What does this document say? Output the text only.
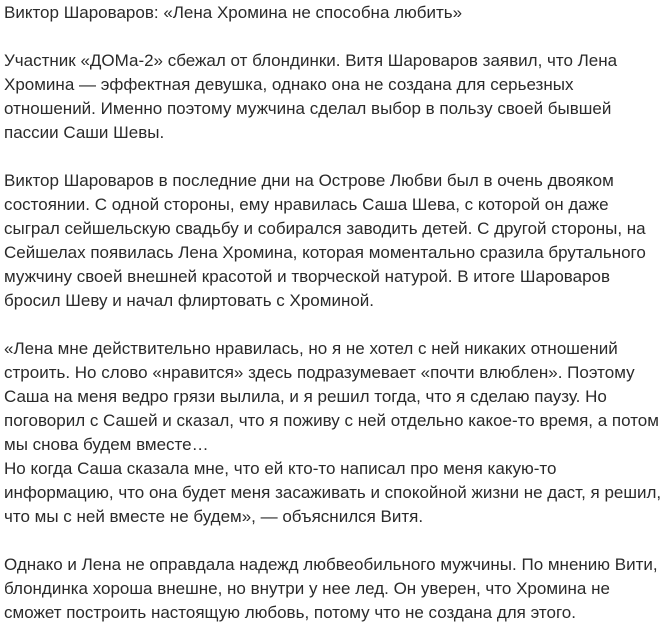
Виктор Шароваров: «Лена Хромина не способна любить»

Участник «ДОМа-2» сбежал от блондинки. Витя Шароваров заявил, что Лена
Хромина — эффектная девушка, однако она не создана для серьезных
отношений. Именно поэтому мужчина сделал выбор в пользу своей бывшей
пассии Саши Шевы.

Виктор Шароваров в последние дни на Острове Любви был в очень двояком
состоянии. С одной стороны, ему нравилась Саша Шева, с которой он даже
сыграл сейшельскую свадьбу и собирался заводить детей. С другой стороны, на
Сейшелах появилась Лена Хромина, которая моментально сразила брутального
мужчину своей внешней красотой и творческой натурой. В итоге Шароваров
бросил Шеву и начал флиртовать с Хроминой.

«Лена мне действительно нравилась, но я не хотел с ней никаких отношений
строить. Но слово «нравится» здесь подразумевает «почти влюблен». Поэтому
Саша на меня ведро грязи вылила, и я решил тогда, что я сделаю паузу. Но
поговорил с Сашей и сказал, что я поживу с ней отдельно какое-то время, а потом
мы снова будем вместе…

Но когда Саша сказала мне, что ей кто-то написал про меня какую-то
информацию, что она будет меня засаживать и спокойной жизни не даст, я решил,
что мы с ней вместе не будем», — объяснился Витя.

Однако и Лена не оправдала надежд любвеобильного мужчины. По мнению Вити,
блондинка хороша внешне, но внутри у нее лед. Он уверен, что Хромина не
сможет построить настоящую любовь, потому что не создана для этого.
